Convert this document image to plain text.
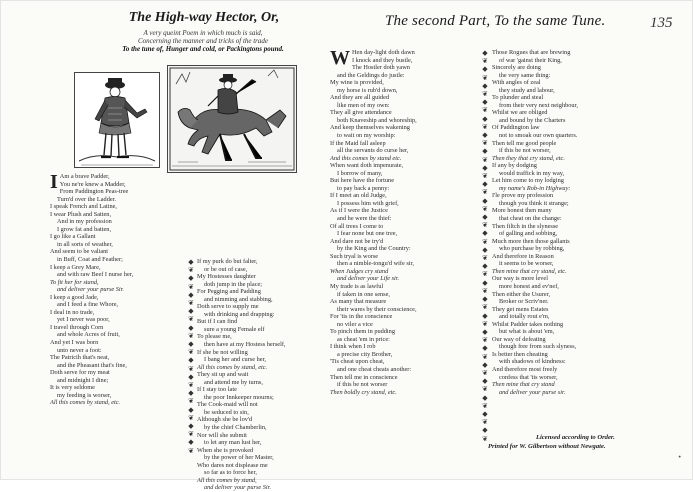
The High-way Hector, Or,
A very queint Poem in which much is said,
Concerning the manner and tricks of the trade
To the tune of, Hunger and cold, or Packingtons pound.
The second Part, To the same Tune.	135
I Am a brave Padder,
You ne're knew a Madder,
From Paddington Peas-tree
Turn'd over the Ladder.
I speak French and Latine,
I wear Plush and Satten,
And in my profession
I grow fat and batten,
I go like a Gallant
in all sorts of weather,
And seem to be valiant
in Buff, Coat and Feather;
I keep a Grey Mare,
and with raw Beef I nurse her,
To fit her for stand,
and deliver your purse Sir.
I keep a good Jade,
and I feed a fine Whore,
I deal in no trade,
yet I never was poor,
I travel through Corn
and whole Acres of fruit,
And yet I was born
unto never a foot:
The Patricih that's neat,
and the Pheasant that's fine,
Doth serve for my meat
and midnight I dine;
It is very seldome
my feeding is worser,
All this comes by stand, etc.
◆
❦
◆
❦
◆
❦
◆
❦
◆
❦
◆
❦
◆
❦
◆
❦
◆
❦
◆
❦
◆
❦
◆
❦

If my purk do but falter,
or be out of case,
My Hostesses daughter
doth jump in the place;
For Pegging and Padding
and nimming and stabbing,
Doth serve to supply me
with drinking and drapping:
But if I can find
sure a young Female elf
To please me,
then have at my Hostess herself,
If she be not willing
I bang her and curse her,
All this comes by stand, etc.
They sit up and wait
and attend me by turns,
If I stay too late
the poor Innkeeper mourns;
The Cook-maid will not
be seduced to sin,
Although she be lov'd
by the chief Chamberlin,
Nor will she submit
to let any man lust her,
When she is provoked
by the power of her Master,
Who dares not displease me
so far as to force her,
All this comes by stand,
and deliver your purse Sir.
W Hen day-light doth dawn
I knock and they bustle,
The Hostler doth yawn
and the Geldings do justle:
My wine is provided,
my horse is rub'd down,
And they are all guided
like men of my own:
They all give attendance
both Knaveship and whoreship,
And keep themselves wakening
to wait on my worship:
If the Maid fall asleep
all the servants do curse her,
And this comes by stand etc.
When want doth impenurate,
I borrow of many,
But here have the fortune
to pay back a penny:
If I meet an old Judge,
I possess him with grief,
As if I were the Justice
and he were the thief:
Of all trees I come to
I fear none but one tree,
And dare not be try'd
by the King and the Country:
Such tryal is worse
then a nimble-tongu'd wife sir,
When Judges cry stand
and deliver your Life sir.
My trade is as lawful
if taken in one sense,
As many that measure
their wares by their conscience,
For 'tis in the conscience
no viler a vice
To pinch them in pudding
as cheat 'em in price:
I think when I rob
a precise city Brother,
'Tis cheat upon cheat,
and one cheat cheats another:
Then tell me in conscience
if this be not worser
Then boldly cry stand, etc.
◆
❦
◆
❦
◆
❦
◆
❦
◆
❦
◆
❦
◆
❦
◆
❦
◆
❦
◆
❦
◆
❦
◆
❦
◆
❦
◆
❦
◆
❦
◆
❦
◆
❦
◆
❦
◆
❦
◆
❦
◆
❦
◆
❦
◆
❦
◆
❦

Those Rogues that are brewing
of war 'gainst their King,
Sincerely are doing
the very same thing:
With angles of zeal
they study and labour,
To plunder and steal
from their very next neighbour,
Whilst we are obliged
and bound by the Charters
Of Paddington law
not to smoak our own quarters.
Then tell me good people
if this be not worser,
Then they that cry stand, etc.
If any by dodging
would traffick in my way,
Let him come to my lodging
my name's Rob-in Highway:
I'le prove my profession
though you think it strange;
More honest then many
that cheat on the change:
Then filtch in the slynesse
of galling and sobbing,
Much more then those gallants
who purchase by robbing,
And therefore in Reason
it seems to be worser,
Then mine that cry stand, etc.
Our way is more level
more honest and ev'nef,
Then either the Usurer,
Broker or Scriv'ner.
They get mens Estates
and totally rout e'm,
Whilst Padder takes nothing
but what is about 'em,
Our way of defeating
though free from such slyness,
Is better then cheating
with shadows of kindness:
And therefore most freely
confess that 'tis worser,
Then mine that cry stand
and deliver your purse sir.
Licensed according to Order.
Printed for W. Gilbertson without Newgate.
·
